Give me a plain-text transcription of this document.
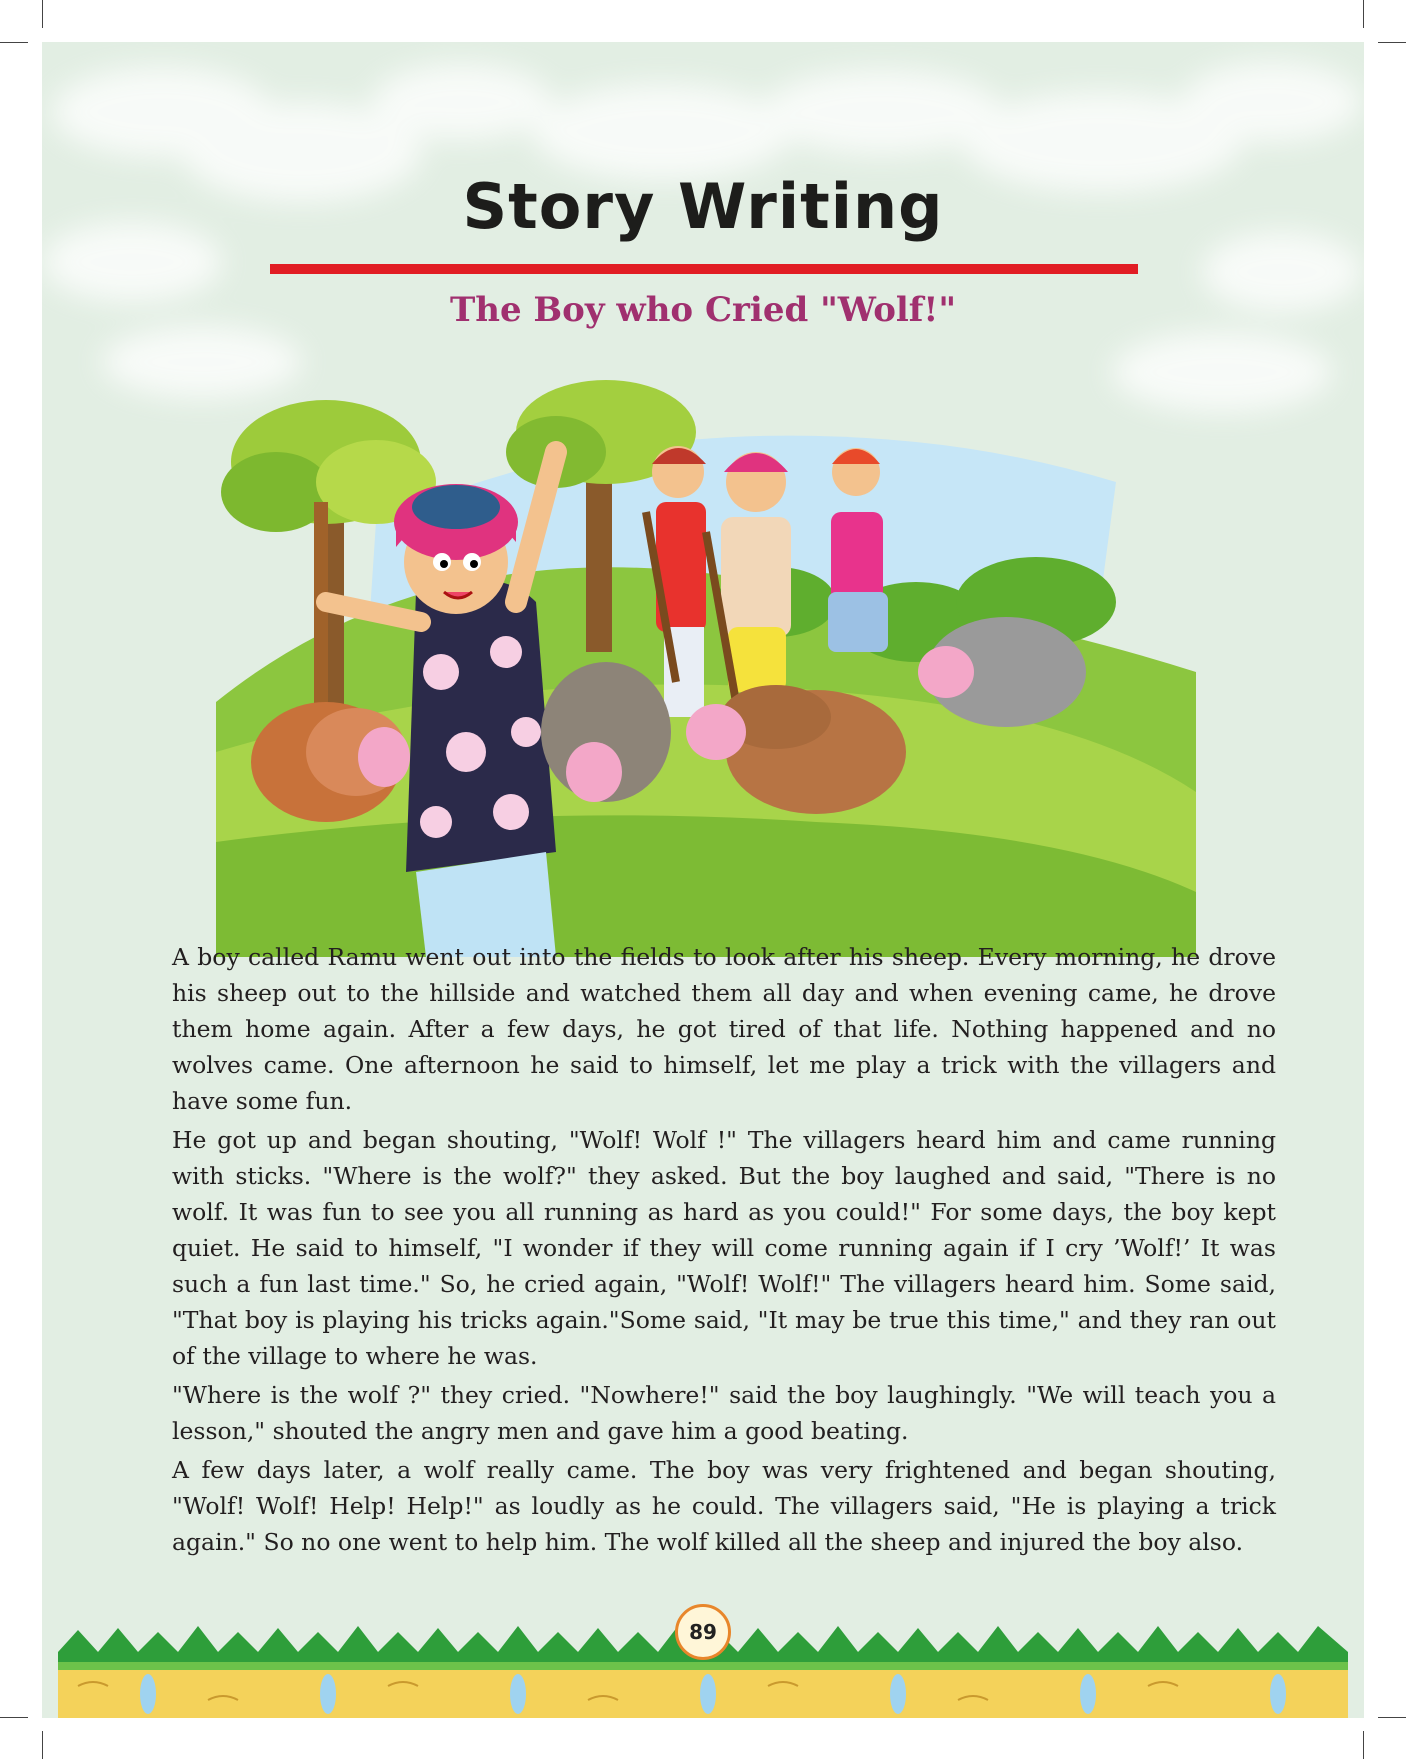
Story Writing
The Boy who Cried "Wolf!"

A boy called Ramu went out into the fields to look after his sheep. Every morning, he drove his sheep out to the hillside and watched them all day and when evening came, he drove them home again. After a few days, he got tired of that life. Nothing happened and no wolves came. One afternoon he said to himself, let me play a trick with the villagers and have some fun.

He got up and began shouting, "Wolf! Wolf !" The villagers heard him and came running with sticks. "Where is the wolf?" they asked. But the boy laughed and said, "There is no wolf. It was fun to see you all running as hard as you could!" For some days, the boy kept quiet. He said to himself, "I wonder if they will come running again if I cry ’Wolf!’ It was such a fun last time." So, he cried again, "Wolf! Wolf!" The villagers heard him. Some said, "That boy is playing his tricks again."Some said, "It may be true this time," and they ran out of the village to where he was.

"Where is the wolf ?" they cried. "Nowhere!" said the boy laughingly. "We will teach you a lesson," shouted the angry men and gave him a good beating.

A few days later, a wolf really came. The boy was very frightened and began shouting, "Wolf! Wolf! Help! Help!" as loudly as he could. The villagers said, "He is playing a trick again." So no one went to help him. The wolf killed all the sheep and injured the boy also.

89
